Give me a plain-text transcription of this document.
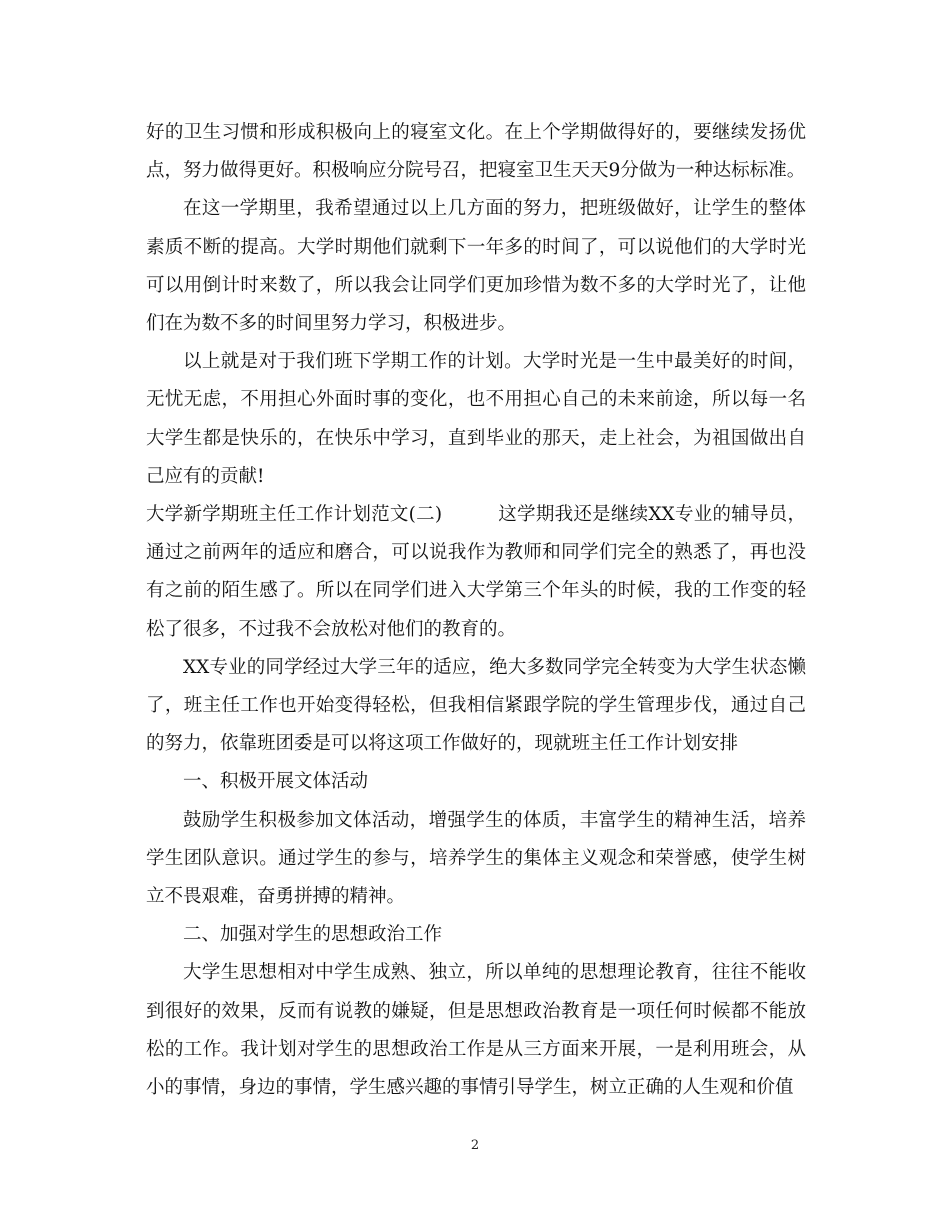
好的卫生习惯和形成积极向上的寝室文化。在上个学期做得好的，要继续发扬优点，努力做得更好。积极响应分院号召，把寝室卫生天天9分做为一种达标标准。

在这一学期里，我希望通过以上几方面的努力，把班级做好，让学生的整体素质不断的提高。大学时期他们就剩下一年多的时间了，可以说他们的大学时光可以用倒计时来数了，所以我会让同学们更加珍惜为数不多的大学时光了，让他们在为数不多的时间里努力学习，积极进步。

以上就是对于我们班下学期工作的计划。大学时光是一生中最美好的时间，无忧无虑，不用担心外面时事的变化，也不用担心自己的未来前途，所以每一名大学生都是快乐的，在快乐中学习，直到毕业的那天，走上社会，为祖国做出自己应有的贡献!

大学新学期班主任工作计划范文(二)	这学期我还是继续XX专业的辅导员，通过之前两年的适应和磨合，可以说我作为教师和同学们完全的熟悉了，再也没有之前的陌生感了。所以在同学们进入大学第三个年头的时候，我的工作变的轻松了很多，不过我不会放松对他们的教育的。

XX专业的同学经过大学三年的适应，绝大多数同学完全转变为大学生状态懒了，班主任工作也开始变得轻松，但我相信紧跟学院的学生管理步伐，通过自己的努力，依靠班团委是可以将这项工作做好的，现就班主任工作计划安排

一、积极开展文体活动

鼓励学生积极参加文体活动，增强学生的体质，丰富学生的精神生活，培养学生团队意识。通过学生的参与，培养学生的集体主义观念和荣誉感，使学生树立不畏艰难，奋勇拼搏的精神。

二、加强对学生的思想政治工作

大学生思想相对中学生成熟、独立，所以单纯的思想理论教育，往往不能收到很好的效果，反而有说教的嫌疑，但是思想政治教育是一项任何时候都不能放松的工作。我计划对学生的思想政治工作是从三方面来开展，一是利用班会，从小的事情，身边的事情，学生感兴趣的事情引导学生，树立正确的人生观和价值

2
